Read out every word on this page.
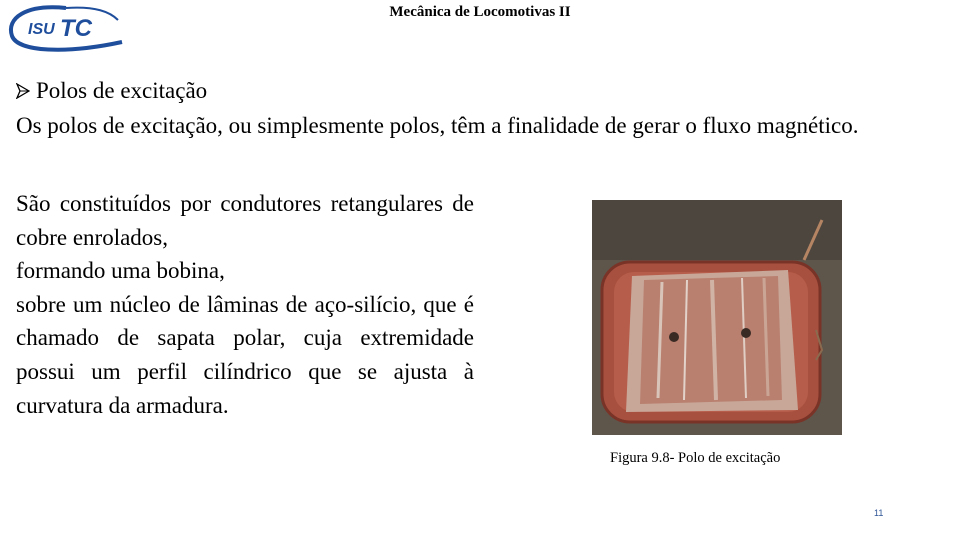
ISU TC
Mecânica de Locomotivas II
Polos de excitação
Os polos de excitação, ou simplesmente polos, têm a finalidade de gerar o fluxo magnético.
São constituídos por condutores retangulares de cobre enrolados,
formando uma bobina,
sobre um núcleo de lâminas de aço-silício, que é chamado de sapata polar, cuja extremidade possui um perfil cilíndrico que se ajusta à curvatura da armadura.
Figura 9.8- Polo de excitação
11
